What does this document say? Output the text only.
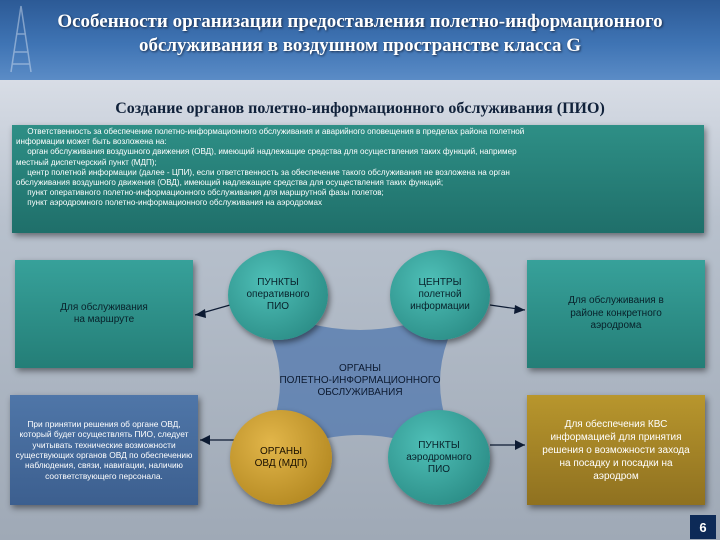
Особенности организации предоставления полетно-информационного
обслуживания в воздушном пространстве класса G
Создание органов полетно-информационного обслуживания (ПИО)
Ответственность за обеспечение полетно-информационного обслуживания и аварийного оповещения в пределах района полетной
информации может быть возложена на:
орган обслуживания воздушного движения (ОВД), имеющий надлежащие средства для осуществления таких функций, например
местный диспетчерский пункт (МДП);
центр полетной информации (далее - ЦПИ), если ответственность за обеспечение такого обслуживания не возложена на орган
обслуживания воздушного движения (ОВД), имеющий надлежащие средства для осуществления таких функций;
пункт оперативного полетно-информационного обслуживания для маршрутной фазы полетов;
пункт аэродромного полетно-информационного обслуживания на аэродромах
Для обслуживания на маршруте
Для обслуживания в районе конкретного аэродрома
При принятии решения об органе ОВД, который будет осуществлять ПИО, следует учитывать технические возможности существующих органов ОВД по обеспечению наблюдения, связи, навигации, наличию соответствующего персонала.
Для обеспечения КВС информацией для принятия решения о возможности захода на посадку и посадки на аэродром
ПУНКТЫ оперативного ПИО
ЦЕНТРЫ полетной информации
ОРГАНЫ ОВД (МДП)
ПУНКТЫ аэродромного ПИО
ОРГАНЫ
ПОЛЕТНО-ИНФОРМАЦИОННОГО
ОБСЛУЖИВАНИЯ
6
